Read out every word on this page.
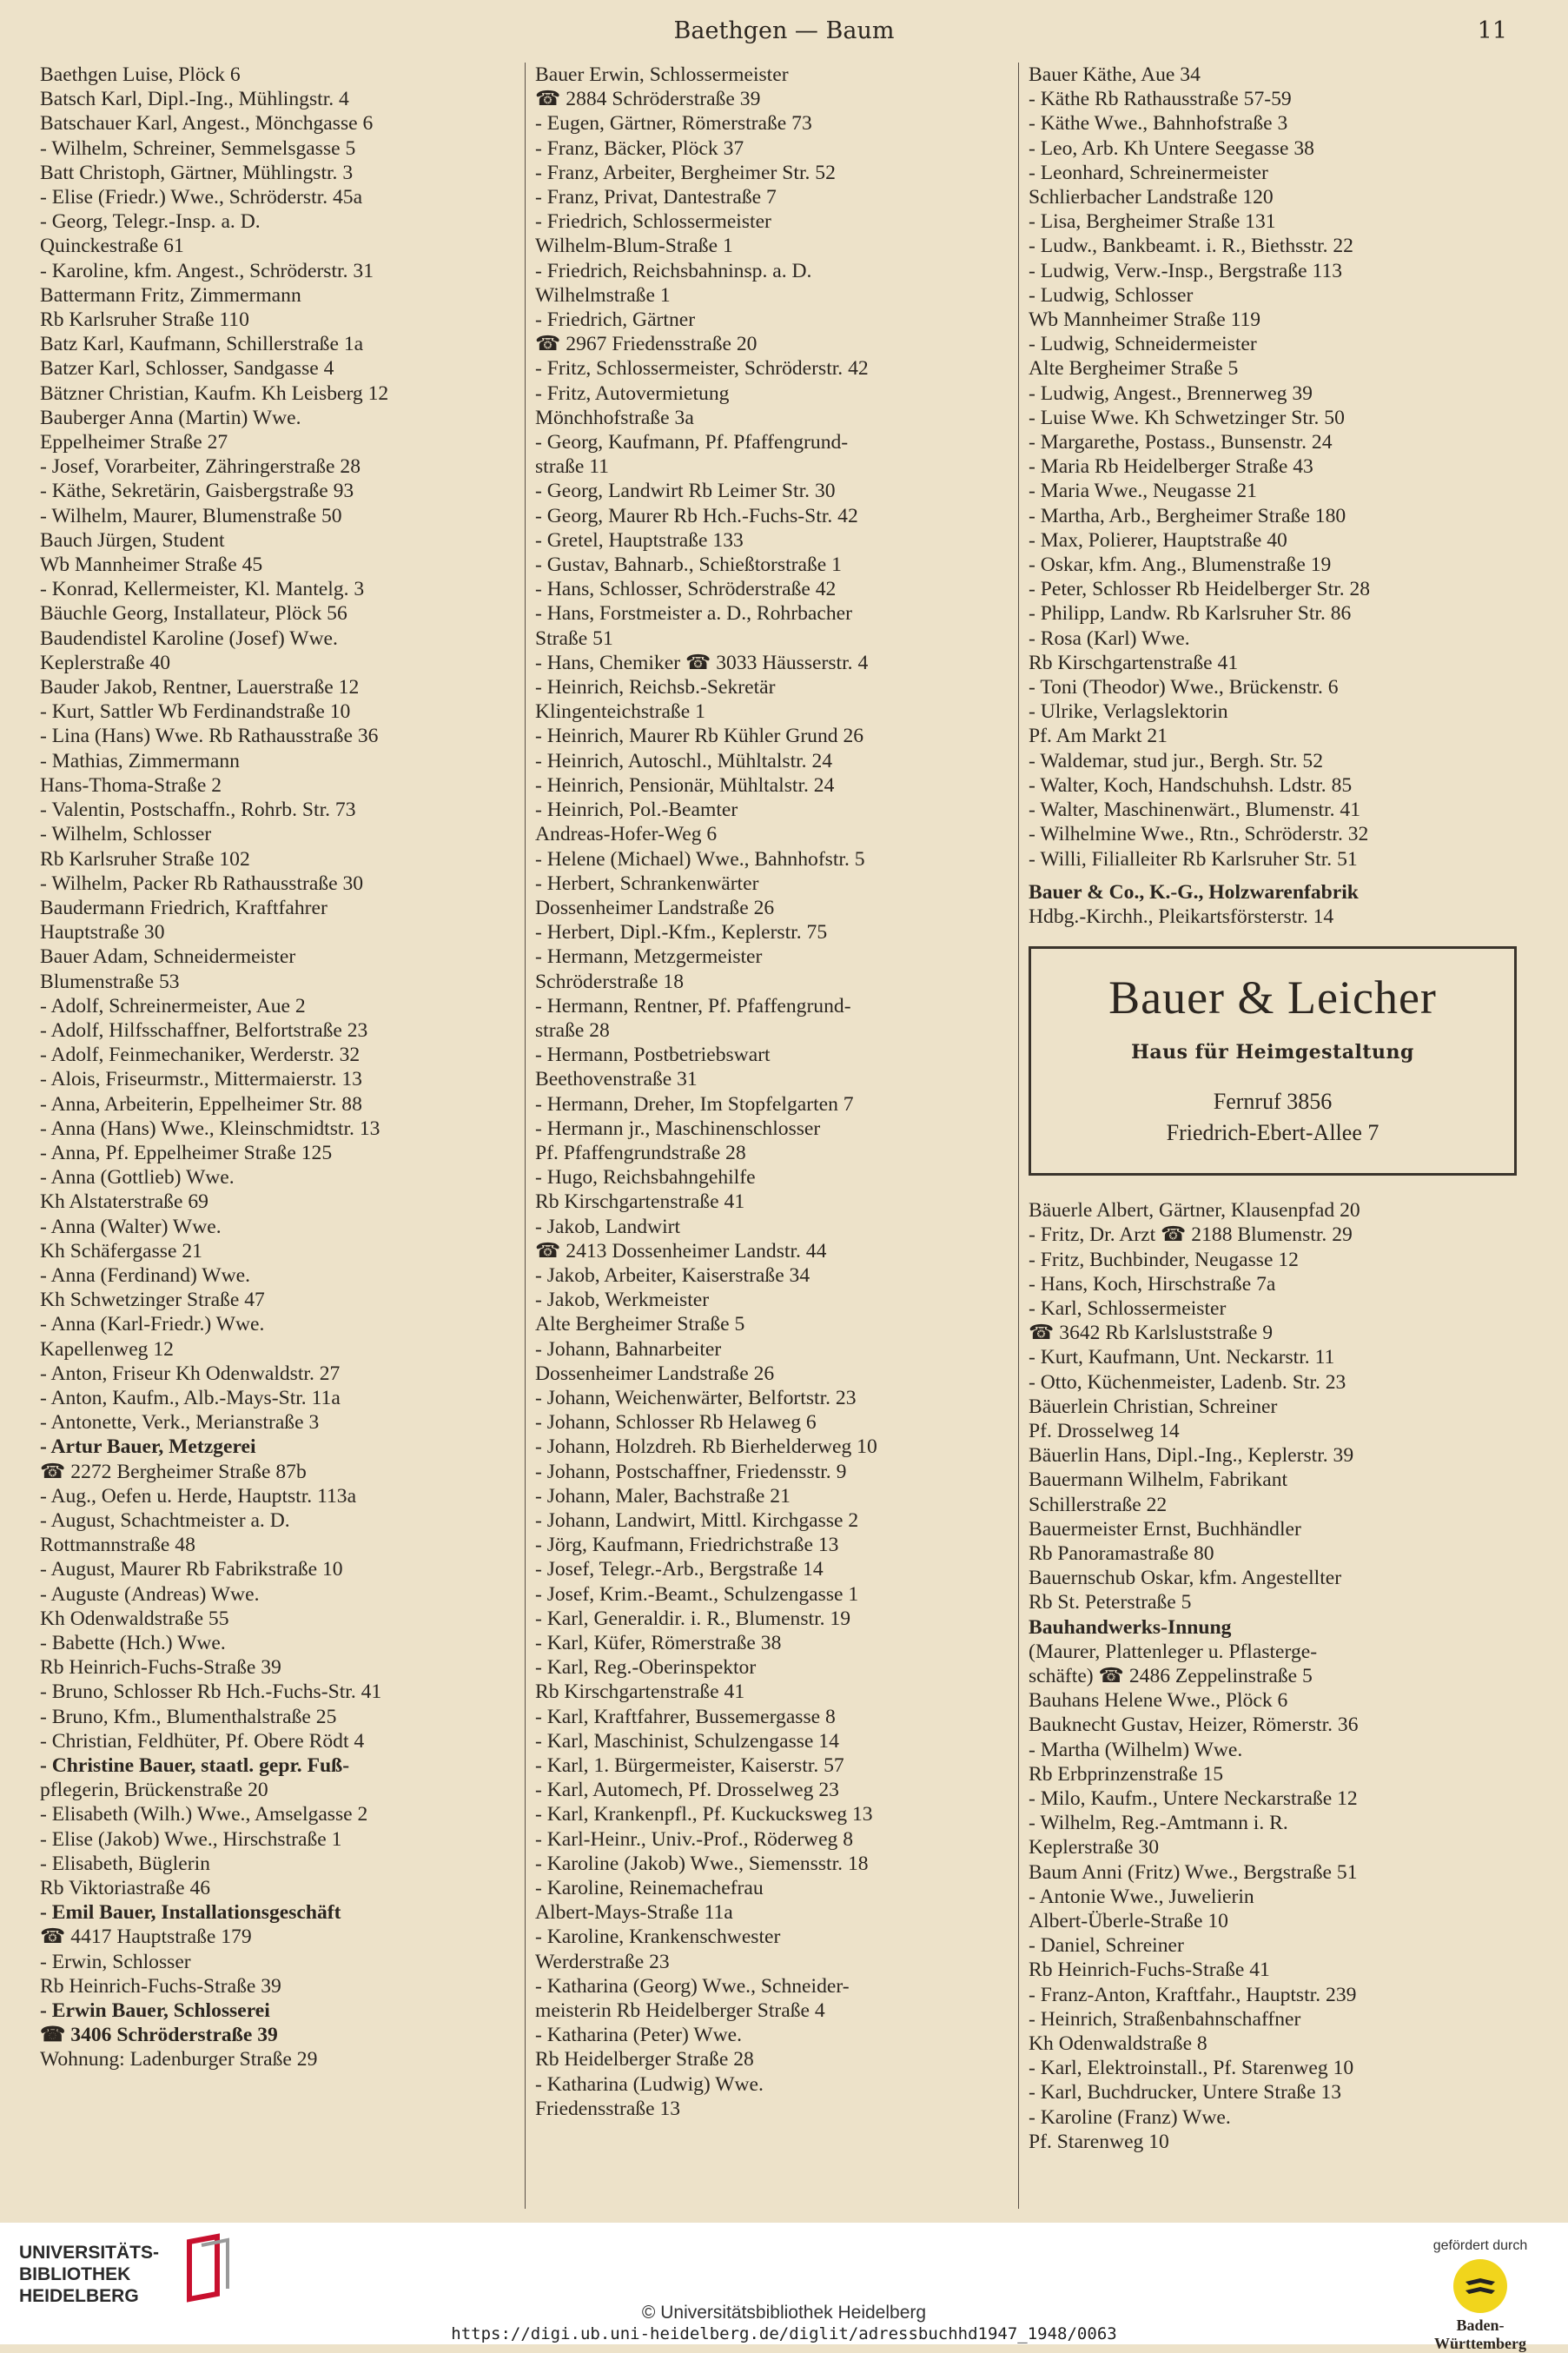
Baethgen — Baum	11
Baethgen Luise, Plöck 6
Batsch Karl, Dipl.-Ing., Mühlingstr. 4
Batschauer Karl, Angest., Mönchgasse 6
- Wilhelm, Schreiner, Semmelsgasse 5
Batt Christoph, Gärtner, Mühlingstr. 3
- Elise (Friedr.) Wwe., Schröderstr. 45a
- Georg, Telegr.-Insp. a. D.
Quinckestraße 61
- Karoline, kfm. Angest., Schröderstr. 31
Battermann Fritz, Zimmermann
Rb Karlsruher Straße 110
Batz Karl, Kaufmann, Schillerstraße 1a
Batzer Karl, Schlosser, Sandgasse 4
Bätzner Christian, Kaufm. Kh Leisberg 12
Bauberger Anna (Martin) Wwe.
Eppelheimer Straße 27
- Josef, Vorarbeiter, Zähringerstraße 28
- Käthe, Sekretärin, Gaisbergstraße 93
- Wilhelm, Maurer, Blumenstraße 50
Bauch Jürgen, Student
Wb Mannheimer Straße 45
- Konrad, Kellermeister, Kl. Mantelg. 3
Bäuchle Georg, Installateur, Plöck 56
Baudendistel Karoline (Josef) Wwe.
Keplerstraße 40
Bauder Jakob, Rentner, Lauerstraße 12
- Kurt, Sattler Wb Ferdinandstraße 10
- Lina (Hans) Wwe. Rb Rathausstraße 36
- Mathias, Zimmermann
Hans-Thoma-Straße 2
- Valentin, Postschaffn., Rohrb. Str. 73
- Wilhelm, Schlosser
Rb Karlsruher Straße 102
- Wilhelm, Packer Rb Rathausstraße 30
Baudermann Friedrich, Kraftfahrer
Hauptstraße 30
Bauer Adam, Schneidermeister
Blumenstraße 53
- Adolf, Schreinermeister, Aue 2
- Adolf, Hilfsschaffner, Belfortstraße 23
- Adolf, Feinmechaniker, Werderstr. 32
- Alois, Friseurmstr., Mittermaierstr. 13
- Anna, Arbeiterin, Eppelheimer Str. 88
- Anna (Hans) Wwe., Kleinschmidtstr. 13
- Anna, Pf. Eppelheimer Straße 125
- Anna (Gottlieb) Wwe.
Kh Alstaterstraße 69
- Anna (Walter) Wwe.
Kh Schäfergasse 21
- Anna (Ferdinand) Wwe.
Kh Schwetzinger Straße 47
- Anna (Karl-Friedr.) Wwe.
Kapellenweg 12
- Anton, Friseur Kh Odenwaldstr. 27
- Anton, Kaufm., Alb.-Mays-Str. 11a
- Antonette, Verk., Merianstraße 3
- Artur Bauer, Metzgerei
☎ 2272 Bergheimer Straße 87b
- Aug., Oefen u. Herde, Hauptstr. 113a
- August, Schachtmeister a. D.
Rottmannstraße 48
- August, Maurer Rb Fabrikstraße 10
- Auguste (Andreas) Wwe.
Kh Odenwaldstraße 55
- Babette (Hch.) Wwe.
Rb Heinrich-Fuchs-Straße 39
- Bruno, Schlosser Rb Hch.-Fuchs-Str. 41
- Bruno, Kfm., Blumenthalstraße 25
- Christian, Feldhüter, Pf. Obere Rödt 4
- Christine Bauer, staatl. gepr. Fuß-
pflegerin, Brückenstraße 20
- Elisabeth (Wilh.) Wwe., Amselgasse 2
- Elise (Jakob) Wwe., Hirschstraße 1
- Elisabeth, Büglerin
Rb Viktoriastraße 46
- Emil Bauer, Installationsgeschäft
☎ 4417 Hauptstraße 179
- Erwin, Schlosser
Rb Heinrich-Fuchs-Straße 39
- Erwin Bauer, Schlosserei
☎ 3406 Schröderstraße 39
Wohnung: Ladenburger Straße 29
Bauer Erwin, Schlossermeister
☎ 2884 Schröderstraße 39
- Eugen, Gärtner, Römerstraße 73
- Franz, Bäcker, Plöck 37
- Franz, Arbeiter, Bergheimer Str. 52
- Franz, Privat, Dantestraße 7
- Friedrich, Schlossermeister
Wilhelm-Blum-Straße 1
- Friedrich, Reichsbahninsp. a. D.
Wilhelmstraße 1
- Friedrich, Gärtner
☎ 2967 Friedensstraße 20
- Fritz, Schlossermeister, Schröderstr. 42
- Fritz, Autovermietung
Mönchhofstraße 3a
- Georg, Kaufmann, Pf. Pfaffengrund-
straße 11
- Georg, Landwirt Rb Leimer Str. 30
- Georg, Maurer Rb Hch.-Fuchs-Str. 42
- Gretel, Hauptstraße 133
- Gustav, Bahnarb., Schießtorstraße 1
- Hans, Schlosser, Schröderstraße 42
- Hans, Forstmeister a. D., Rohrbacher
Straße 51
- Hans, Chemiker ☎ 3033 Häusserstr. 4
- Heinrich, Reichsb.-Sekretär
Klingenteichstraße 1
- Heinrich, Maurer Rb Kühler Grund 26
- Heinrich, Autoschl., Mühltalstr. 24
- Heinrich, Pensionär, Mühltalstr. 24
- Heinrich, Pol.-Beamter
Andreas-Hofer-Weg 6
- Helene (Michael) Wwe., Bahnhofstr. 5
- Herbert, Schrankenwärter
Dossenheimer Landstraße 26
- Herbert, Dipl.-Kfm., Keplerstr. 75
- Hermann, Metzgermeister
Schröderstraße 18
- Hermann, Rentner, Pf. Pfaffengrund-
straße 28
- Hermann, Postbetriebswart
Beethovenstraße 31
- Hermann, Dreher, Im Stopfelgarten 7
- Hermann jr., Maschinenschlosser
Pf. Pfaffengrundstraße 28
- Hugo, Reichsbahngehilfe
Rb Kirschgartenstraße 41
- Jakob, Landwirt
☎ 2413 Dossenheimer Landstr. 44
- Jakob, Arbeiter, Kaiserstraße 34
- Jakob, Werkmeister
Alte Bergheimer Straße 5
- Johann, Bahnarbeiter
Dossenheimer Landstraße 26
- Johann, Weichenwärter, Belfortstr. 23
- Johann, Schlosser Rb Helaweg 6
- Johann, Holzdreh. Rb Bierhelderweg 10
- Johann, Postschaffner, Friedensstr. 9
- Johann, Maler, Bachstraße 21
- Johann, Landwirt, Mittl. Kirchgasse 2
- Jörg, Kaufmann, Friedrichstraße 13
- Josef, Telegr.-Arb., Bergstraße 14
- Josef, Krim.-Beamt., Schulzengasse 1
- Karl, Generaldir. i. R., Blumenstr. 19
- Karl, Küfer, Römerstraße 38
- Karl, Reg.-Oberinspektor
Rb Kirschgartenstraße 41
- Karl, Kraftfahrer, Bussemergasse 8
- Karl, Maschinist, Schulzengasse 14
- Karl, 1. Bürgermeister, Kaiserstr. 57
- Karl, Automech, Pf. Drosselweg 23
- Karl, Krankenpfl., Pf. Kuckucksweg 13
- Karl-Heinr., Univ.-Prof., Röderweg 8
- Karoline (Jakob) Wwe., Siemensstr. 18
- Karoline, Reinemachefrau
Albert-Mays-Straße 11a
- Karoline, Krankenschwester
Werderstraße 23
- Katharina (Georg) Wwe., Schneider-
meisterin Rb Heidelberger Straße 4
- Katharina (Peter) Wwe.
Rb Heidelberger Straße 28
- Katharina (Ludwig) Wwe.
Friedensstraße 13
Bauer Käthe, Aue 34
- Käthe Rb Rathausstraße 57-59
- Käthe Wwe., Bahnhofstraße 3
- Leo, Arb. Kh Untere Seegasse 38
- Leonhard, Schreinermeister
Schlierbacher Landstraße 120
- Lisa, Bergheimer Straße 131
- Ludw., Bankbeamt. i. R., Biethsstr. 22
- Ludwig, Verw.-Insp., Bergstraße 113
- Ludwig, Schlosser
Wb Mannheimer Straße 119
- Ludwig, Schneidermeister
Alte Bergheimer Straße 5
- Ludwig, Angest., Brennerweg 39
- Luise Wwe. Kh Schwetzinger Str. 50
- Margarethe, Postass., Bunsenstr. 24
- Maria Rb Heidelberger Straße 43
- Maria Wwe., Neugasse 21
- Martha, Arb., Bergheimer Straße 180
- Max, Polierer, Hauptstraße 40
- Oskar, kfm. Ang., Blumenstraße 19
- Peter, Schlosser Rb Heidelberger Str. 28
- Philipp, Landw. Rb Karlsruher Str. 86
- Rosa (Karl) Wwe.
Rb Kirschgartenstraße 41
- Toni (Theodor) Wwe., Brückenstr. 6
- Ulrike, Verlagslektorin
Pf. Am Markt 21
- Waldemar, stud jur., Bergh. Str. 52
- Walter, Koch, Handschuhsh. Ldstr. 85
- Walter, Maschinenwärt., Blumenstr. 41
- Wilhelmine Wwe., Rtn., Schröderstr. 32
- Willi, Filialleiter Rb Karlsruher Str. 51
Bauer & Co., K.-G., Holzwarenfabrik
Hdbg.-Kirchh., Pleikartsförsterstr. 14
Bauer & Leicher
Haus für Heimgestaltung
Fernruf 3856
Friedrich-Ebert-Allee 7
Bäuerle Albert, Gärtner, Klausenpfad 20
- Fritz, Dr. Arzt ☎ 2188 Blumenstr. 29
- Fritz, Buchbinder, Neugasse 12
- Hans, Koch, Hirschstraße 7a
- Karl, Schlossermeister
☎ 3642 Rb Karlsluststraße 9
- Kurt, Kaufmann, Unt. Neckarstr. 11
- Otto, Küchenmeister, Ladenb. Str. 23
Bäuerlein Christian, Schreiner
Pf. Drosselweg 14
Bäuerlin Hans, Dipl.-Ing., Keplerstr. 39
Bauermann Wilhelm, Fabrikant
Schillerstraße 22
Bauermeister Ernst, Buchhändler
Rb Panoramastraße 80
Bauernschub Oskar, kfm. Angestellter
Rb St. Peterstraße 5
Bauhandwerks-Innung
(Maurer, Plattenleger u. Pflasterge-
schäfte) ☎ 2486 Zeppelinstraße 5
Bauhans Helene Wwe., Plöck 6
Bauknecht Gustav, Heizer, Römerstr. 36
- Martha (Wilhelm) Wwe.
Rb Erbprinzenstraße 15
- Milo, Kaufm., Untere Neckarstraße 12
- Wilhelm, Reg.-Amtmann i. R.
Keplerstraße 30
Baum Anni (Fritz) Wwe., Bergstraße 51
- Antonie Wwe., Juwelierin
Albert-Überle-Straße 10
- Daniel, Schreiner
Rb Heinrich-Fuchs-Straße 41
- Franz-Anton, Kraftfahr., Hauptstr. 239
- Heinrich, Straßenbahnschaffner
Kh Odenwaldstraße 8
- Karl, Elektroinstall., Pf. Starenweg 10
- Karl, Buchdrucker, Untere Straße 13
- Karoline (Franz) Wwe.
Pf. Starenweg 10
UNIVERSITÄTS-
BIBLIOTHEK
HEIDELBERG
© Universitätsbibliothek Heidelberg
https://digi.ub.uni-heidelberg.de/diglit/adressbuchhd1947_1948/0063
gefördert durch
Baden-Württemberg
